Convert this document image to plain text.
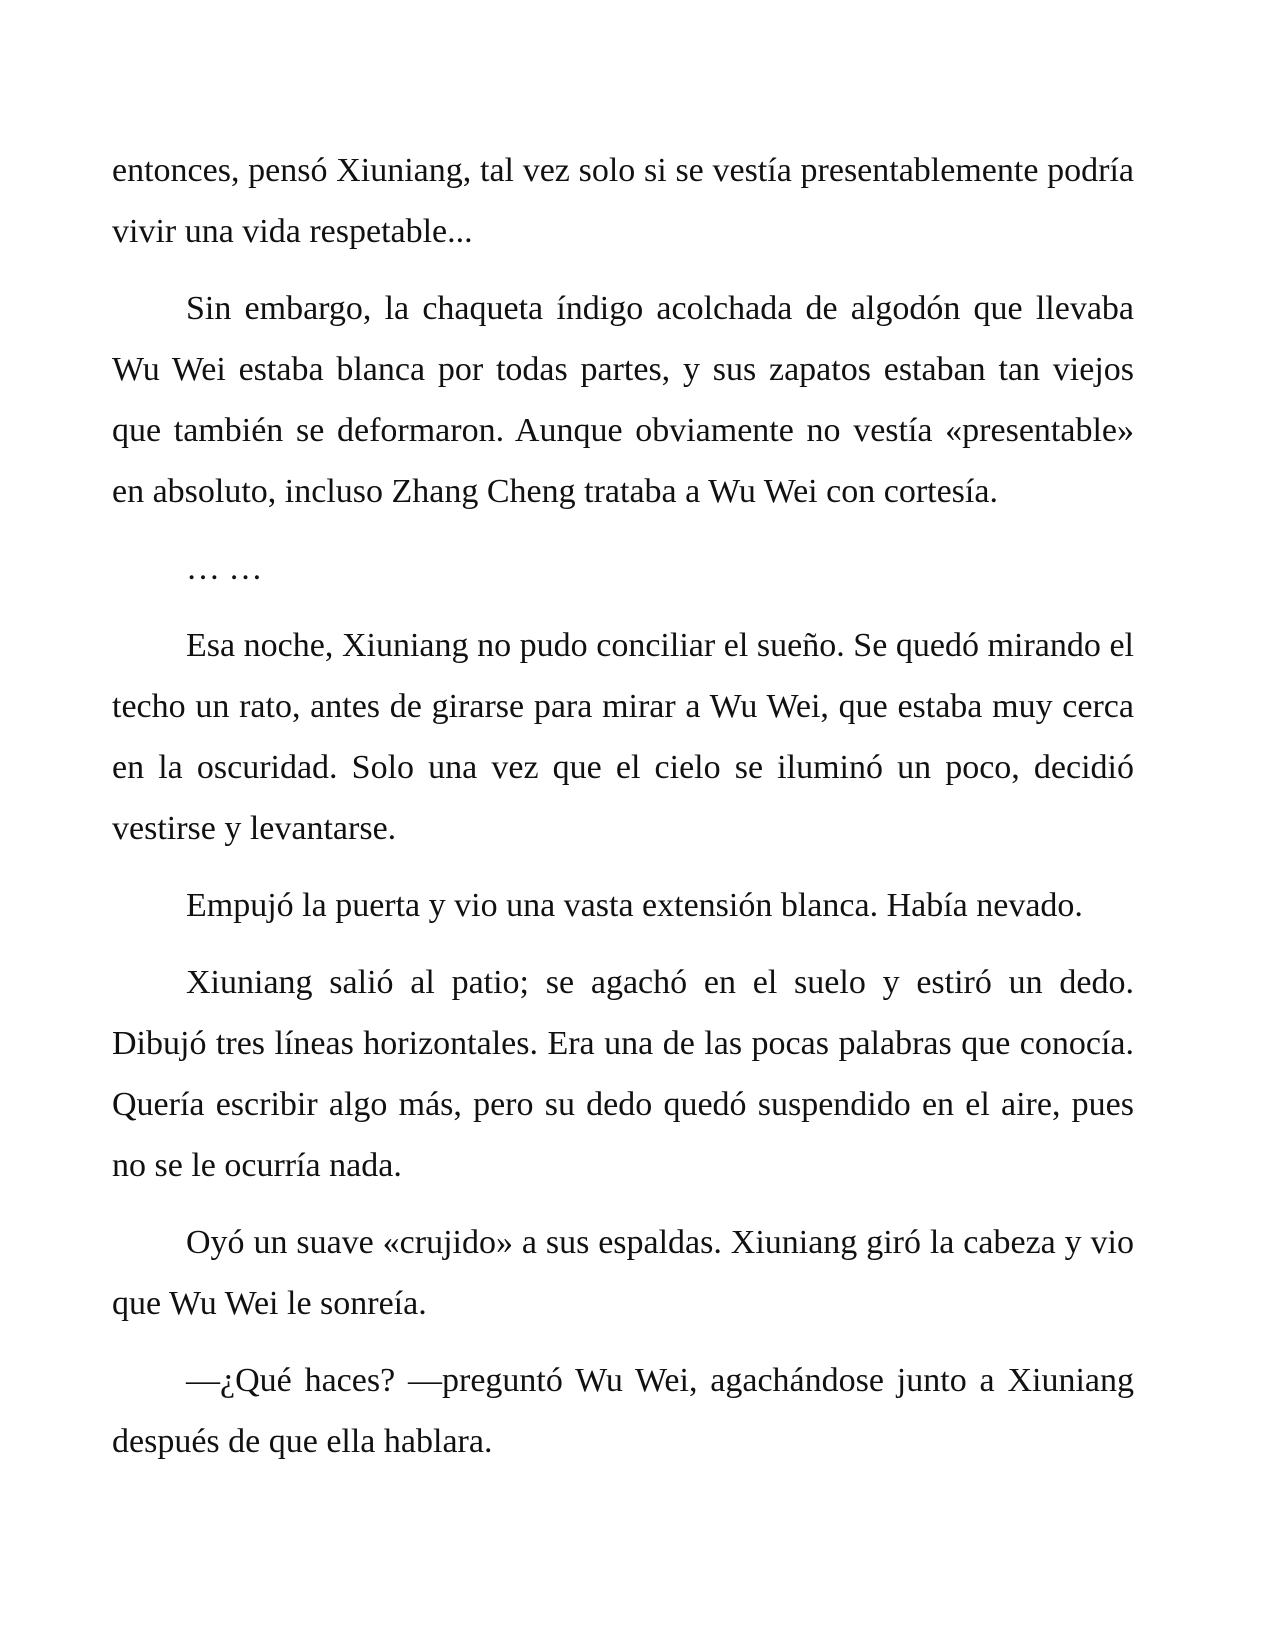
entonces, pensó Xiuniang, tal vez solo si se vestía presentablemente podría vivir una vida respetable...

Sin embargo, la chaqueta índigo acolchada de algodón que llevaba Wu Wei estaba blanca por todas partes, y sus zapatos estaban tan viejos que también se deformaron. Aunque obviamente no vestía «presentable» en absoluto, incluso Zhang Cheng trataba a Wu Wei con cortesía.

… …

Esa noche, Xiuniang no pudo conciliar el sueño. Se quedó mirando el techo un rato, antes de girarse para mirar a Wu Wei, que estaba muy cerca en la oscuridad. Solo una vez que el cielo se iluminó un poco, decidió vestirse y levantarse.

Empujó la puerta y vio una vasta extensión blanca. Había nevado.

Xiuniang salió al patio; se agachó en el suelo y estiró un dedo. Dibujó tres líneas horizontales. Era una de las pocas palabras que conocía. Quería escribir algo más, pero su dedo quedó suspendido en el aire, pues no se le ocurría nada.

Oyó un suave «crujido» a sus espaldas. Xiuniang giró la cabeza y vio que Wu Wei le sonreía.

—¿Qué haces? —preguntó Wu Wei, agachándose junto a Xiuniang después de que ella hablara.
